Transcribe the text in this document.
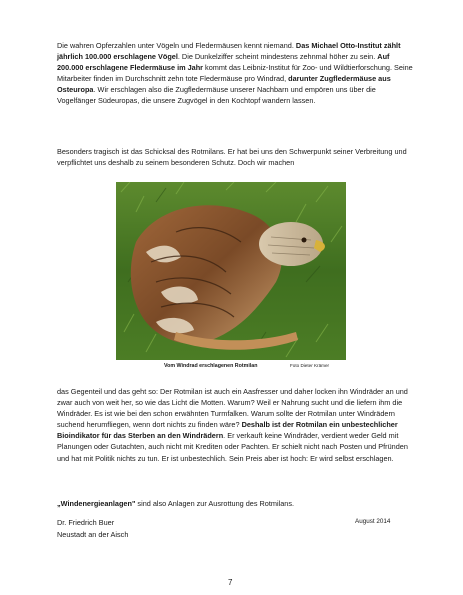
Die wahren Opferzahlen unter Vögeln und Fledermäusen kennt niemand. Das Michael Otto-Institut zählt jährlich 100.000 erschlagene Vögel. Die Dunkelziffer scheint mindestens zehnmal höher zu sein. Auf 200.000 erschlagene Fledermäuse im Jahr kommt das Leibniz-Institut für Zoo- und Wildtierforschung. Seine Mitarbeiter finden im Durchschnitt zehn tote Fledermäuse pro Windrad, darunter Zugfledermäuse aus Osteuropa. Wir erschlagen also die Zugfledermäuse unserer Nachbarn und empören uns über die Vogelfänger Südeuropas, die unsere Zugvögel in den Kochtopf wandern lassen.

Besonders tragisch ist das Schicksal des Rotmilans. Er hat bei uns den Schwerpunkt seiner Verbreitung und verpflichtet uns deshalb zu seinem besonderen Schutz. Doch wir machen

Vom Windrad erschlagenen Rotmilan	Foto Dieter Krämer

das Gegenteil und das geht so: Der Rotmilan ist auch ein Aasfresser und daher locken ihn Windräder an und zwar auch von weit her, so wie das Licht die Motten. Warum? Weil er Nahrung sucht und die liefern ihm die Windräder. Es ist wie bei den schon erwähnten Turmfalken. Warum sollte der Rotmilan unter Windrädern suchend herumfliegen, wenn dort nichts zu finden wäre? Deshalb ist der Rotmilan ein unbestechlicher Bioindikator für das Sterben an den Windrädern. Er verkauft keine Windräder, verdient weder Geld mit Planungen oder Gutachten, auch nicht mit Krediten oder Pachten. Er schielt nicht nach Posten und Pfründen und hat mit Politik nichts zu tun. Er ist unbestechlich. Sein Preis aber ist hoch: Er wird selbst erschlagen.

„Windenergieanlagen" sind also Anlagen zur Ausrottung des Rotmilans.

Dr. Friedrich Buer
Neustadt an der Aisch
August 2014
7
